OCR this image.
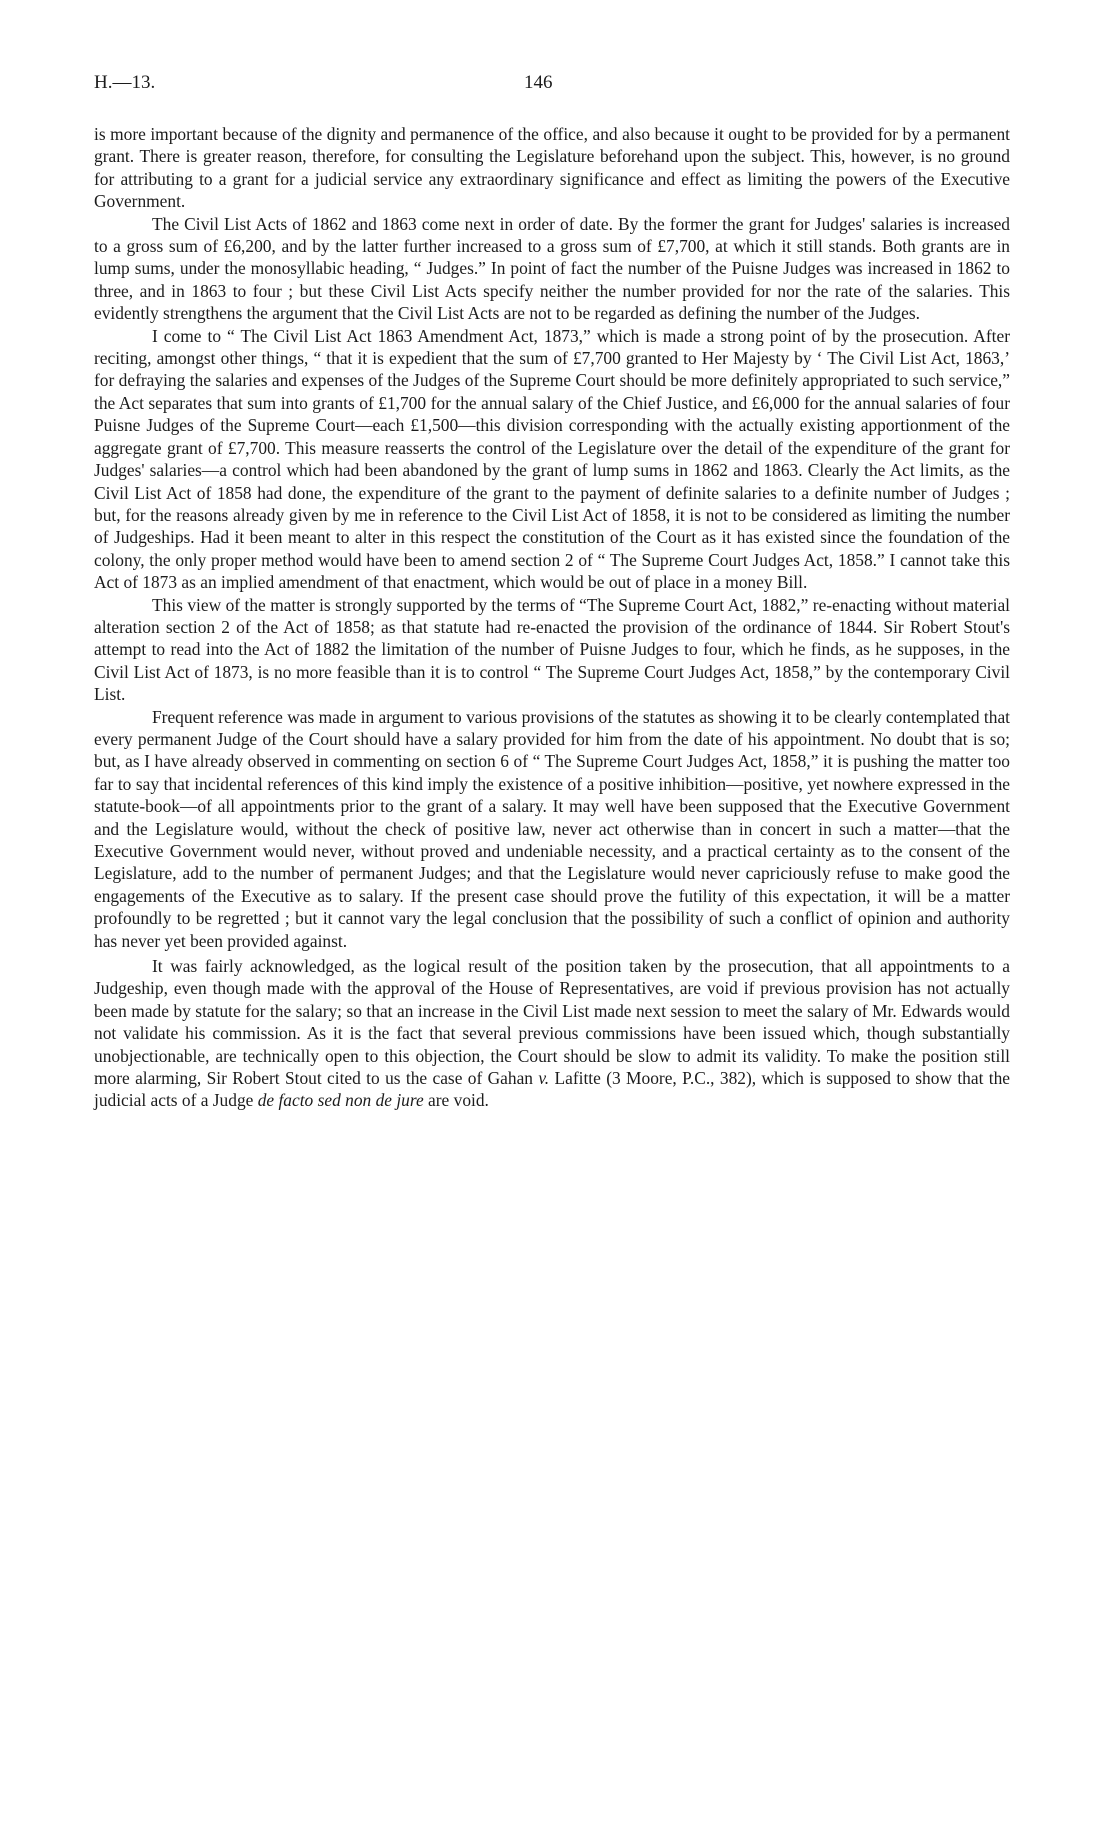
H.—13.	146

is more important because of the dignity and permanence of the office, and also because it ought to be provided for by a permanent grant. There is greater reason, therefore, for consulting the Legislature beforehand upon the subject. This, however, is no ground for attributing to a grant for a judicial service any extraordinary significance and effect as limiting the powers of the Executive Government.

The Civil List Acts of 1862 and 1863 come next in order of date. By the former the grant for Judges' salaries is increased to a gross sum of £6,200, and by the latter further increased to a gross sum of £7,700, at which it still stands. Both grants are in lump sums, under the monosyllabic heading, “ Judges.” In point of fact the number of the Puisne Judges was increased in 1862 to three, and in 1863 to four ; but these Civil List Acts specify neither the number provided for nor the rate of the salaries. This evidently strengthens the argument that the Civil List Acts are not to be regarded as defining the number of the Judges.

I come to “ The Civil List Act 1863 Amendment Act, 1873,” which is made a strong point of by the prosecution. After reciting, amongst other things, “ that it is expedient that the sum of £7,700 granted to Her Majesty by ‘ The Civil List Act, 1863,’ for defraying the salaries and expenses of the Judges of the Supreme Court should be more definitely appropriated to such service,” the Act separates that sum into grants of £1,700 for the annual salary of the Chief Justice, and £6,000 for the annual salaries of four Puisne Judges of the Supreme Court—each £1,500—this division corresponding with the actually existing apportionment of the aggregate grant of £7,700. This measure reasserts the control of the Legislature over the detail of the expenditure of the grant for Judges' salaries—a control which had been abandoned by the grant of lump sums in 1862 and 1863. Clearly the Act limits, as the Civil List Act of 1858 had done, the expenditure of the grant to the payment of definite salaries to a definite number of Judges ; but, for the reasons already given by me in reference to the Civil List Act of 1858, it is not to be considered as limiting the number of Judgeships. Had it been meant to alter in this respect the constitution of the Court as it has existed since the foundation of the colony, the only proper method would have been to amend section 2 of “ The Supreme Court Judges Act, 1858.” I cannot take this Act of 1873 as an implied amendment of that enactment, which would be out of place in a money Bill.

This view of the matter is strongly supported by the terms of “The Supreme Court Act, 1882,” re-enacting without material alteration section 2 of the Act of 1858; as that statute had re-enacted the provision of the ordinance of 1844. Sir Robert Stout's attempt to read into the Act of 1882 the limitation of the number of Puisne Judges to four, which he finds, as he supposes, in the Civil List Act of 1873, is no more feasible than it is to control “ The Supreme Court Judges Act, 1858,” by the contemporary Civil List.

Frequent reference was made in argument to various provisions of the statutes as showing it to be clearly contemplated that every permanent Judge of the Court should have a salary provided for him from the date of his appointment. No doubt that is so; but, as I have already observed in commenting on section 6 of “ The Supreme Court Judges Act, 1858,” it is pushing the matter too far to say that incidental references of this kind imply the existence of a positive inhibition—positive, yet nowhere expressed in the statute-book—of all appointments prior to the grant of a salary. It may well have been supposed that the Executive Government and the Legislature would, without the check of positive law, never act otherwise than in concert in such a matter—that the Executive Government would never, without proved and undeniable necessity, and a practical certainty as to the consent of the Legislature, add to the number of permanent Judges; and that the Legislature would never capriciously refuse to make good the engagements of the Executive as to salary. If the present case should prove the futility of this expectation, it will be a matter profoundly to be regretted ; but it cannot vary the legal conclusion that the possibility of such a conflict of opinion and authority has never yet been provided against.

It was fairly acknowledged, as the logical result of the position taken by the prosecution, that all appointments to a Judgeship, even though made with the approval of the House of Representatives, are void if previous provision has not actually been made by statute for the salary; so that an increase in the Civil List made next session to meet the salary of Mr. Edwards would not validate his commission. As it is the fact that several previous commissions have been issued which, though substantially unobjectionable, are technically open to this objection, the Court should be slow to admit its validity. To make the position still more alarming, Sir Robert Stout cited to us the case of Gahan v. Lafitte (3 Moore, P.C., 382), which is supposed to show that the judicial acts of a Judge de facto sed non de jure are void.
